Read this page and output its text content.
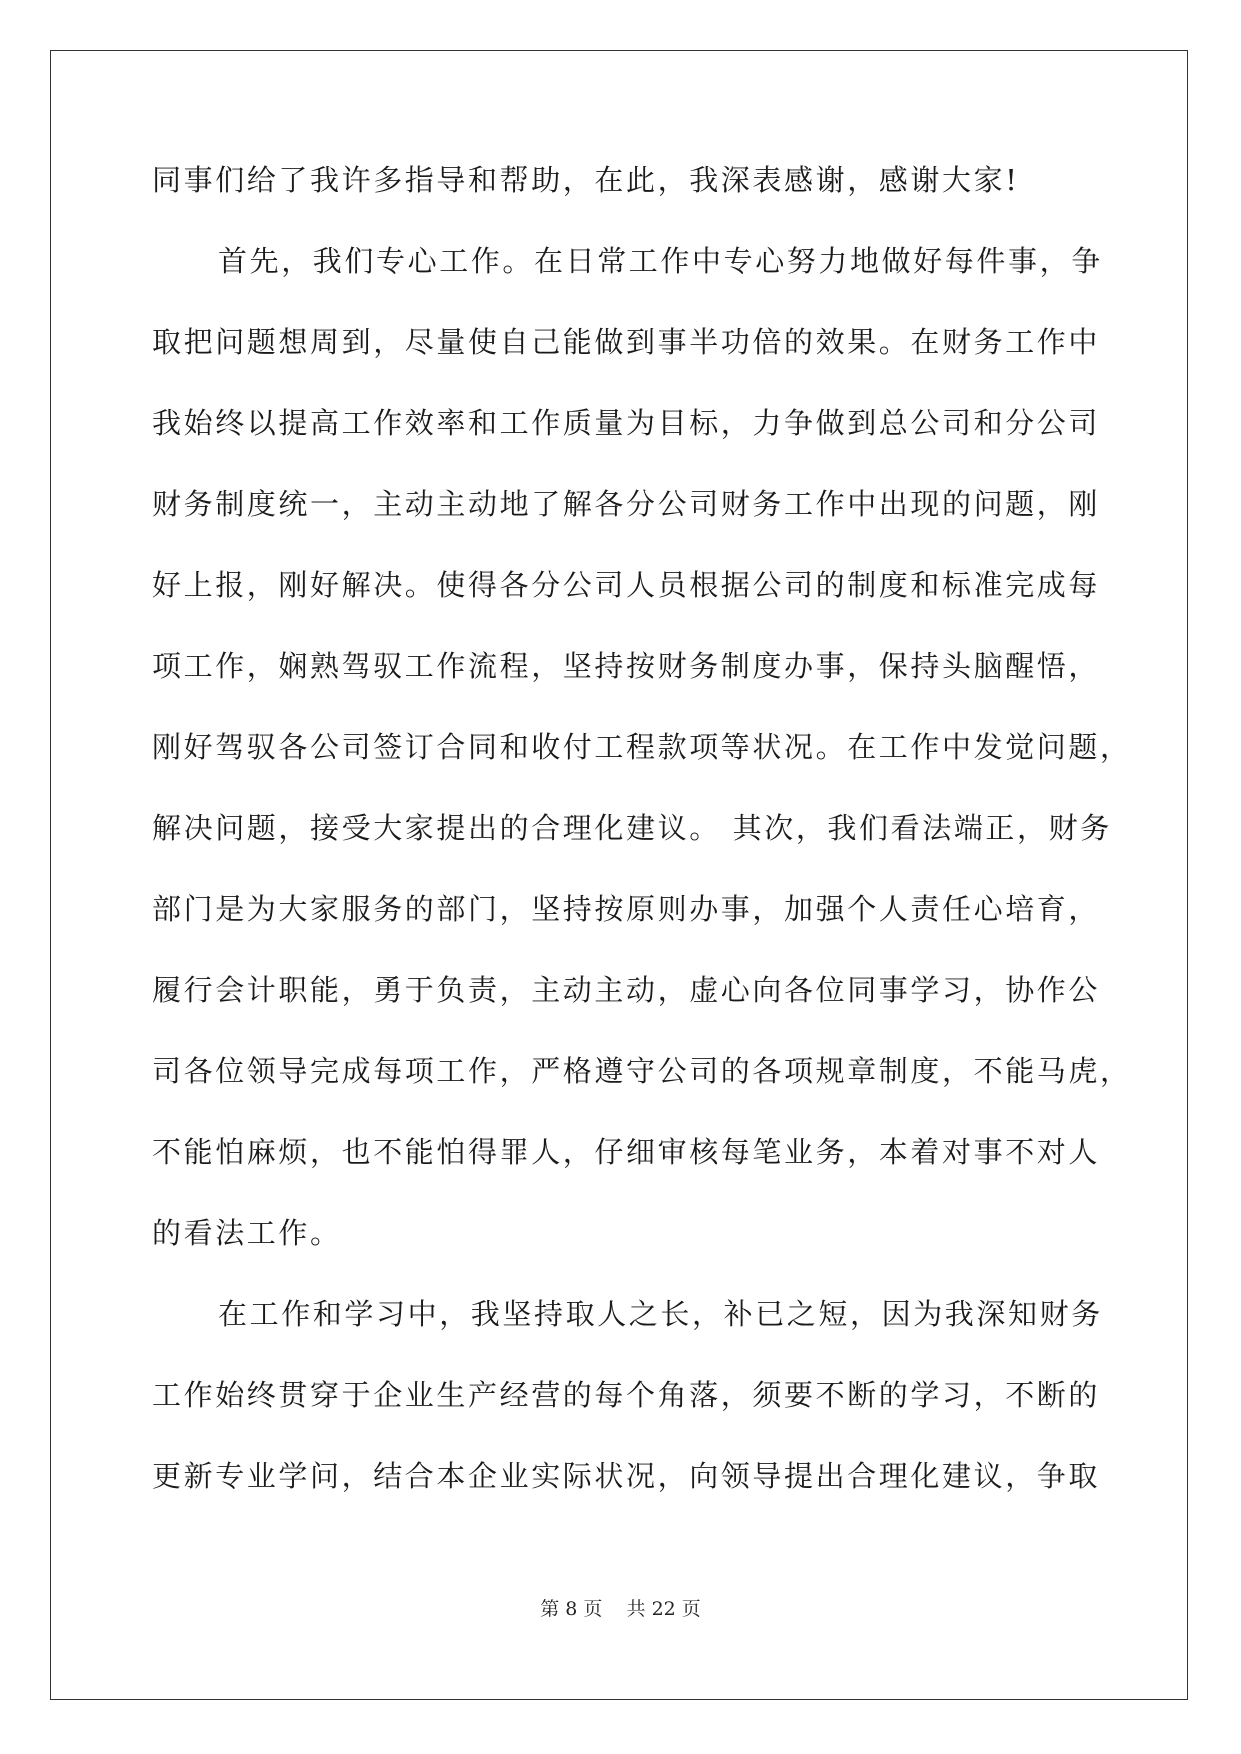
同事们给了我许多指导和帮助，在此，我深表感谢，感谢大家!
首先，我们专心工作。在日常工作中专心努力地做好每件事，争
取把问题想周到，尽量使自己能做到事半功倍的效果。在财务工作中
我始终以提高工作效率和工作质量为目标，力争做到总公司和分公司
财务制度统一，主动主动地了解各分公司财务工作中出现的问题，刚
好上报，刚好解决。使得各分公司人员根据公司的制度和标准完成每
项工作，娴熟驾驭工作流程，坚持按财务制度办事，保持头脑醒悟，
刚好驾驭各公司签订合同和收付工程款项等状况。在工作中发觉问题，
解决问题，接受大家提出的合理化建议。 其次，我们看法端正，财务
部门是为大家服务的部门，坚持按原则办事，加强个人责任心培育，
履行会计职能，勇于负责，主动主动，虚心向各位同事学习，协作公
司各位领导完成每项工作，严格遵守公司的各项规章制度，不能马虎，
不能怕麻烦，也不能怕得罪人，仔细审核每笔业务，本着对事不对人
的看法工作。
在工作和学习中，我坚持取人之长，补已之短，因为我深知财务
工作始终贯穿于企业生产经营的每个角落，须要不断的学习，不断的
更新专业学问，结合本企业实际状况，向领导提出合理化建议，争取
第 8 页 共 22 页
